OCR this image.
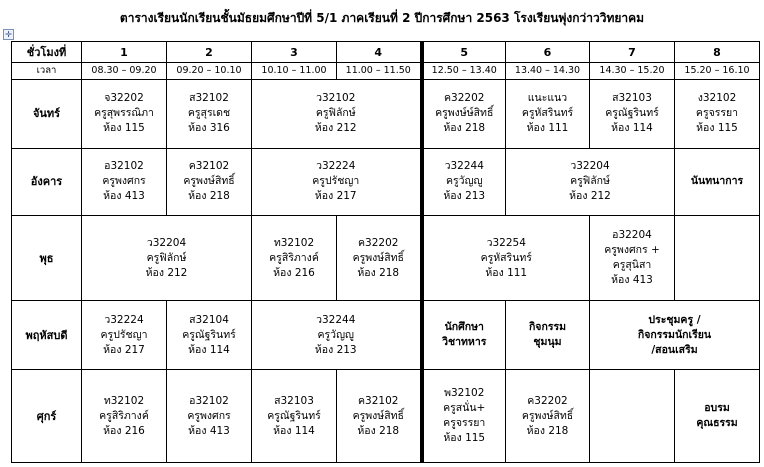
ตารางเรียนนักเรียนชั้นมัธยมศึกษาปีที่ 5/1 ภาคเรียนที่ 2 ปีการศึกษา 2563 โรงเรียนพุ่งกว่าววิทยาคม
✛
ชั่วโมงที่	1	2	3	4	5	6	7	8
เวลา	08.30 – 09.20	09.20 – 10.10	10.10 – 11.00	11.00 – 11.50	12.50 – 13.40	13.40 – 14.30	14.30 – 15.20	15.20 – 16.10
จันทร์	จ32202
ครูสุพรรณิภา
ห้อง 115	ส32102
ครูสุรเดช
ห้อง 316	ว32102
ครูฟิลักษ์
ห้อง 212		ค32202
ครูพงษ์ษ์สิทธิ์
ห้อง 218	แนะแนว
ครูหัสรินทร์
ห้อง 111	ส32103
ครูณัฐรินทร์
ห้อง 114	ง32102
ครูจรรยา
ห้อง 115

อังคาร	อ32102
ครูพงศกร
ห้อง 413	ค32102
ครูพงษ์สิทธิ์
ห้อง 218	ว32224
ครูปรัชญา
ห้อง 217		ว32244
ครูวัญญู
ห้อง 213	ว32204
ครูฟิลักษ์
ห้อง 212		นันทนาการ

พุธ	ว32204
ครูฟิลักษ์
ห้อง 212		ท32102
ครูสิริภางค์
ห้อง 216	ค32202
ครูพงษ์สิทธิ์
ห้อง 218	ว32254
ครูหัสรินทร์
ห้อง 111		อ32204
ครูพงศกร +
ครูสุนิสา
ห้อง 413	

พฤหัสบดี	ว32224
ครูปรัชญา
ห้อง 217	ส32104
ครูณัฐรินทร์
ห้อง 114	ว32244
ครูวัญญู
ห้อง 213		นักศึกษา
วิชาทหาร	กิจกรรม
ชุมนุม	ประชุมครู /
กิจกรรมนักเรียน
/สอนเสริม	

ศุกร์	ท32102
ครูสิริภางค์
ห้อง 216	อ32102
ครูพงศกร
ห้อง 413	ส32103
ครูณัฐรินทร์
ห้อง 114	ค32102
ครูพงษ์สิทธิ์
ห้อง 218	พ32102
ครูสนั่น+
ครูจรรยา
ห้อง 115	ค32202
ครูพงษ์สิทธิ์
ห้อง 218		อบรม
คุณธรรม
